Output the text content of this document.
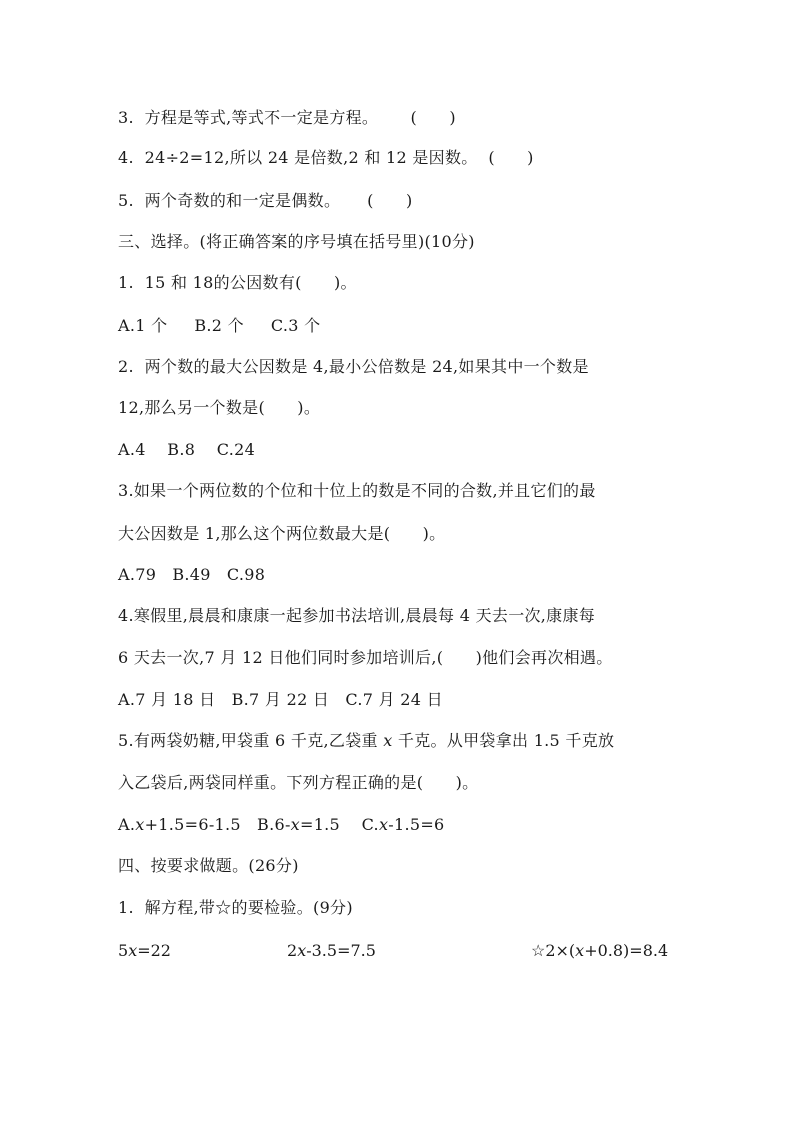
3.  方程是等式,等式不一定是方程。      (      )
4.  24÷2=12,所以 24 是倍数,2 和 12 是因数。  (      )
5.  两个奇数的和一定是偶数。     (      )
三、选择。(将正确答案的序号填在括号里)(10分)
1.  15 和 18的公因数有(      )。
A.1 个     B.2 个     C.3 个
2.  两个数的最大公因数是 4,最小公倍数是 24,如果其中一个数是
12,那么另一个数是(      )。
A.4    B.8    C.24
3.如果一个两位数的个位和十位上的数是不同的合数,并且它们的最
大公因数是 1,那么这个两位数最大是(      )。
A.79   B.49   C.98
4.寒假里,晨晨和康康一起参加书法培训,晨晨每 4 天去一次,康康每
6 天去一次,7 月 12 日他们同时参加培训后,(      )他们会再次相遇。
A.7 月 18 日   B.7 月 22 日   C.7 月 24 日
5.有两袋奶糖,甲袋重 6 千克,乙袋重 x 千克。从甲袋拿出 1.5 千克放
入乙袋后,两袋同样重。下列方程正确的是(      )。
A.x+1.5=6-1.5   B.6-x=1.5    C.x-1.5=6
四、按要求做题。(26分)
1.  解方程,带☆的要检验。(9分)
5x=22	2x-3.5=7.5	☆2×(x+0.8)=8.4
